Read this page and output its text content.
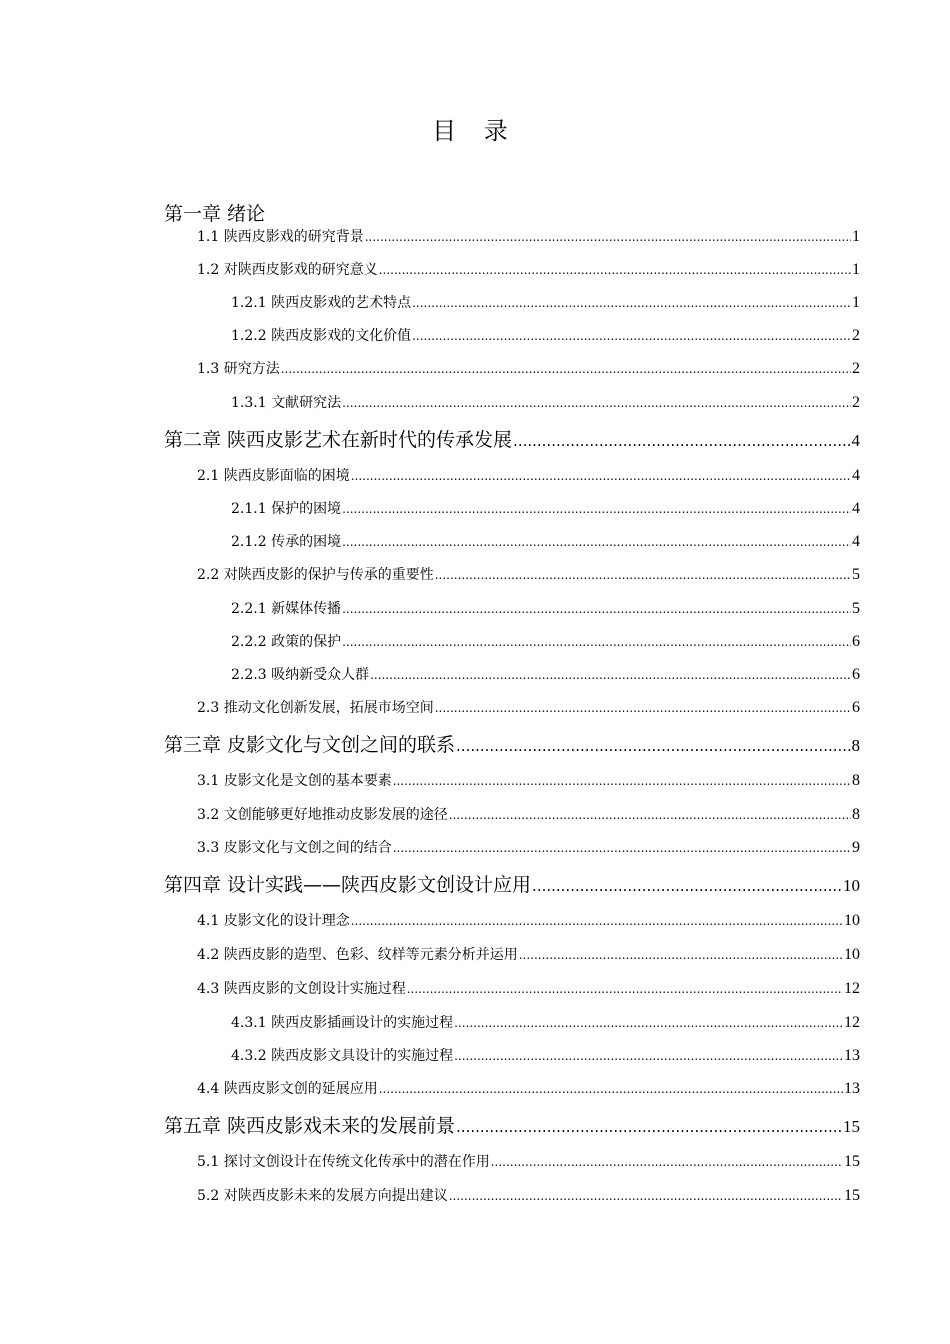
目 录
第一章 绪论
1.1 陕西皮影戏的研究背景 .....	1
1.2 对陕西皮影戏的研究意义 .....	1
1.2.1 陕西皮影戏的艺术特点 .....	1
1.2.2 陕西皮影戏的文化价值 .....	2
1.3 研究方法 .....	2
1.3.1 文献研究法 .....	2
第二章 陕西皮影艺术在新时代的传承发展 .....	4
2.1 陕西皮影面临的困境 .....	4
2.1.1 保护的困境 .....	4
2.1.2 传承的困境 .....	4
2.2 对陕西皮影的保护与传承的重要性 .....	5
2.2.1 新媒体传播 .....	5
2.2.2 政策的保护 .....	6
2.2.3 吸纳新受众人群 .....	6
2.3 推动文化创新发展，拓展市场空间 .....	6
第三章 皮影文化与文创之间的联系 .....	8
3.1 皮影文化是文创的基本要素 .....	8
3.2 文创能够更好地推动皮影发展的途径 .....	8
3.3 皮影文化与文创之间的结合 .....	9
第四章 设计实践——陕西皮影文创设计应用 .....	10
4.1 皮影文化的设计理念 .....	10
4.2 陕西皮影的造型、色彩、纹样等元素分析并运用 .....	10
4.3 陕西皮影的文创设计实施过程 .....	12
4.3.1 陕西皮影插画设计的实施过程 .....	12
4.3.2 陕西皮影文具设计的实施过程 .....	13
4.4 陕西皮影文创的延展应用 .....	13
第五章 陕西皮影戏未来的发展前景 .....	15
5.1 探讨文创设计在传统文化传承中的潜在作用 .....	15
5.2 对陕西皮影未来的发展方向提出建议 .....	15
